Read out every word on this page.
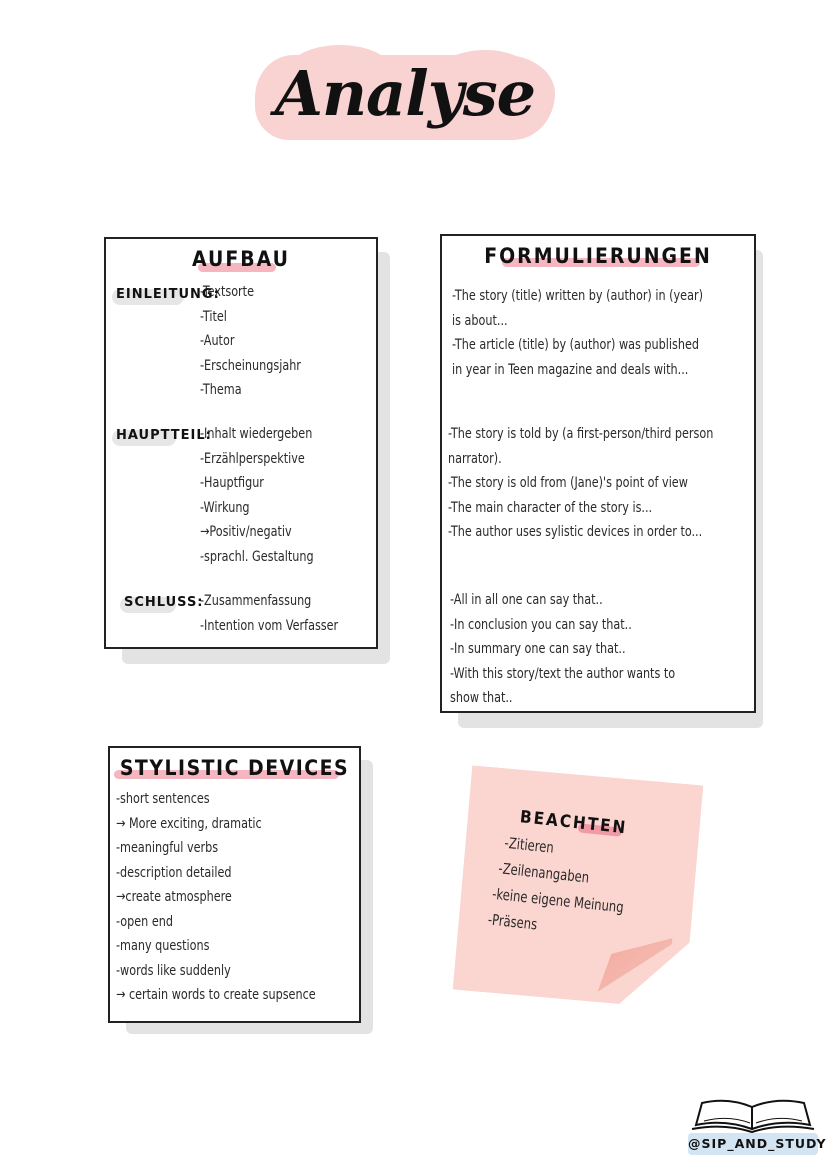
Analyse
AUFBAU
EINLEITUNG:
-Textsorte
-Titel
-Autor
-Erscheinungsjahr
-Thema
HAUPTTEIL:
-Inhalt wiedergeben
-Erzählperspektive
-Hauptfigur
-Wirkung
→Positiv/negativ
-sprachl. Gestaltung
SCHLUSS:
-Zusammenfassung
-Intention vom Verfasser
FORMULIERUNGEN
-The story (title) written by (author) in (year)
is about...
-The article (title) by (author) was published
in year in Teen magazine and deals with...
-The story is told by (a first-person/third person
narrator).
-The story is old from (Jane)'s point of view
-The main character of the story is...
-The author uses sylistic devices in order to...
-All in all one can say that..
-In conclusion you can say that..
-In summary one can say that..
-With this story/text the author wants to
show that..
STYLISTIC DEVICES
-short sentences
→ More exciting, dramatic
-meaningful verbs
-description detailed
→create atmosphere
-open end
-many questions
-words like suddenly
→ certain words to create supsence
BEACHTEN
-Zitieren
-Zeilenangaben
-keine eigene Meinung
-Präsens
@SIP_AND_STUDY
